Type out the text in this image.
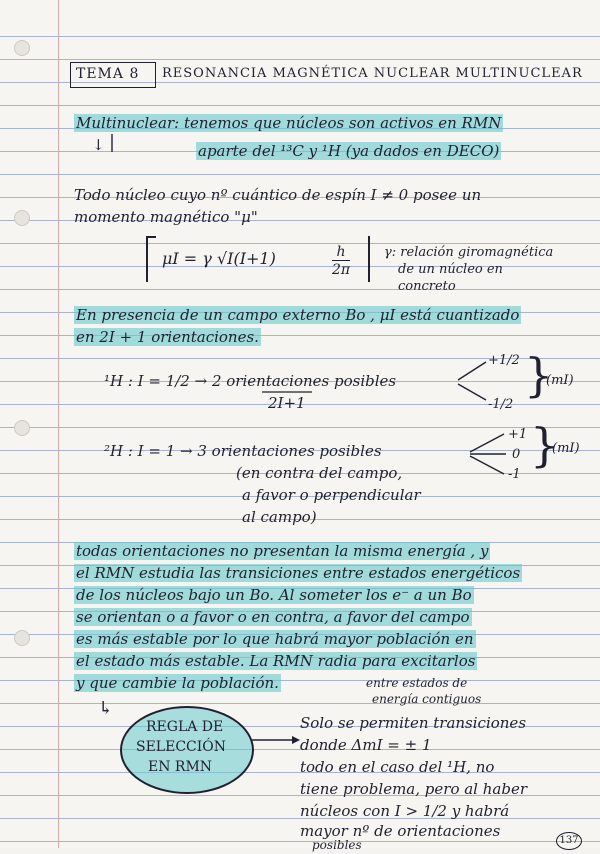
TEMA 8 RESONANCIA MAGNÉTICA NUCLEAR MULTINUCLEAR
Multinuclear: tenemos que núcleos son activos en RMN
↓	aparte del ¹³C y ¹H (ya dados en DECO)
Todo núcleo cuyo nº cuántico de espín I ≠ 0 posee un
momento magnético "μ"
μI = γ √I(I+1)	$\frac{h}{2\pi}$	γ: relación giromagnética
de un núcleo en
concreto
En presencia de un campo externo Bo , μI está cuantizado
en 2I + 1 orientaciones.
¹H : I = 1/2 → 2 orientaciones posibles
2I+1
+1/2
-1/2
}
(mI)
²H : I = 1 → 3 orientaciones posibles
(en contra del campo,
a favor o perpendicular
al campo)
+1
0
-1
}
(mI)
todas orientaciones no presentan la misma energía , y
el RMN estudia las transiciones entre estados energéticos
de los núcleos bajo un Bo. Al someter los e⁻ a un Bo
se orientan o a favor o en contra, a favor del campo
es más estable por lo que habrá mayor población en
el estado más estable. La RMN radia para excitarlos
y que cambie la población.	entre estados de
energía contiguos
↳
REGLA DE
SELECCIÓN
EN RMN
Solo se permiten transiciones
donde ΔmI = ± 1
todo en el caso del ¹H, no
tiene problema, pero al haber
núcleos con I > 1/2 y habrá
mayor nº de orientaciones
posibles	137
